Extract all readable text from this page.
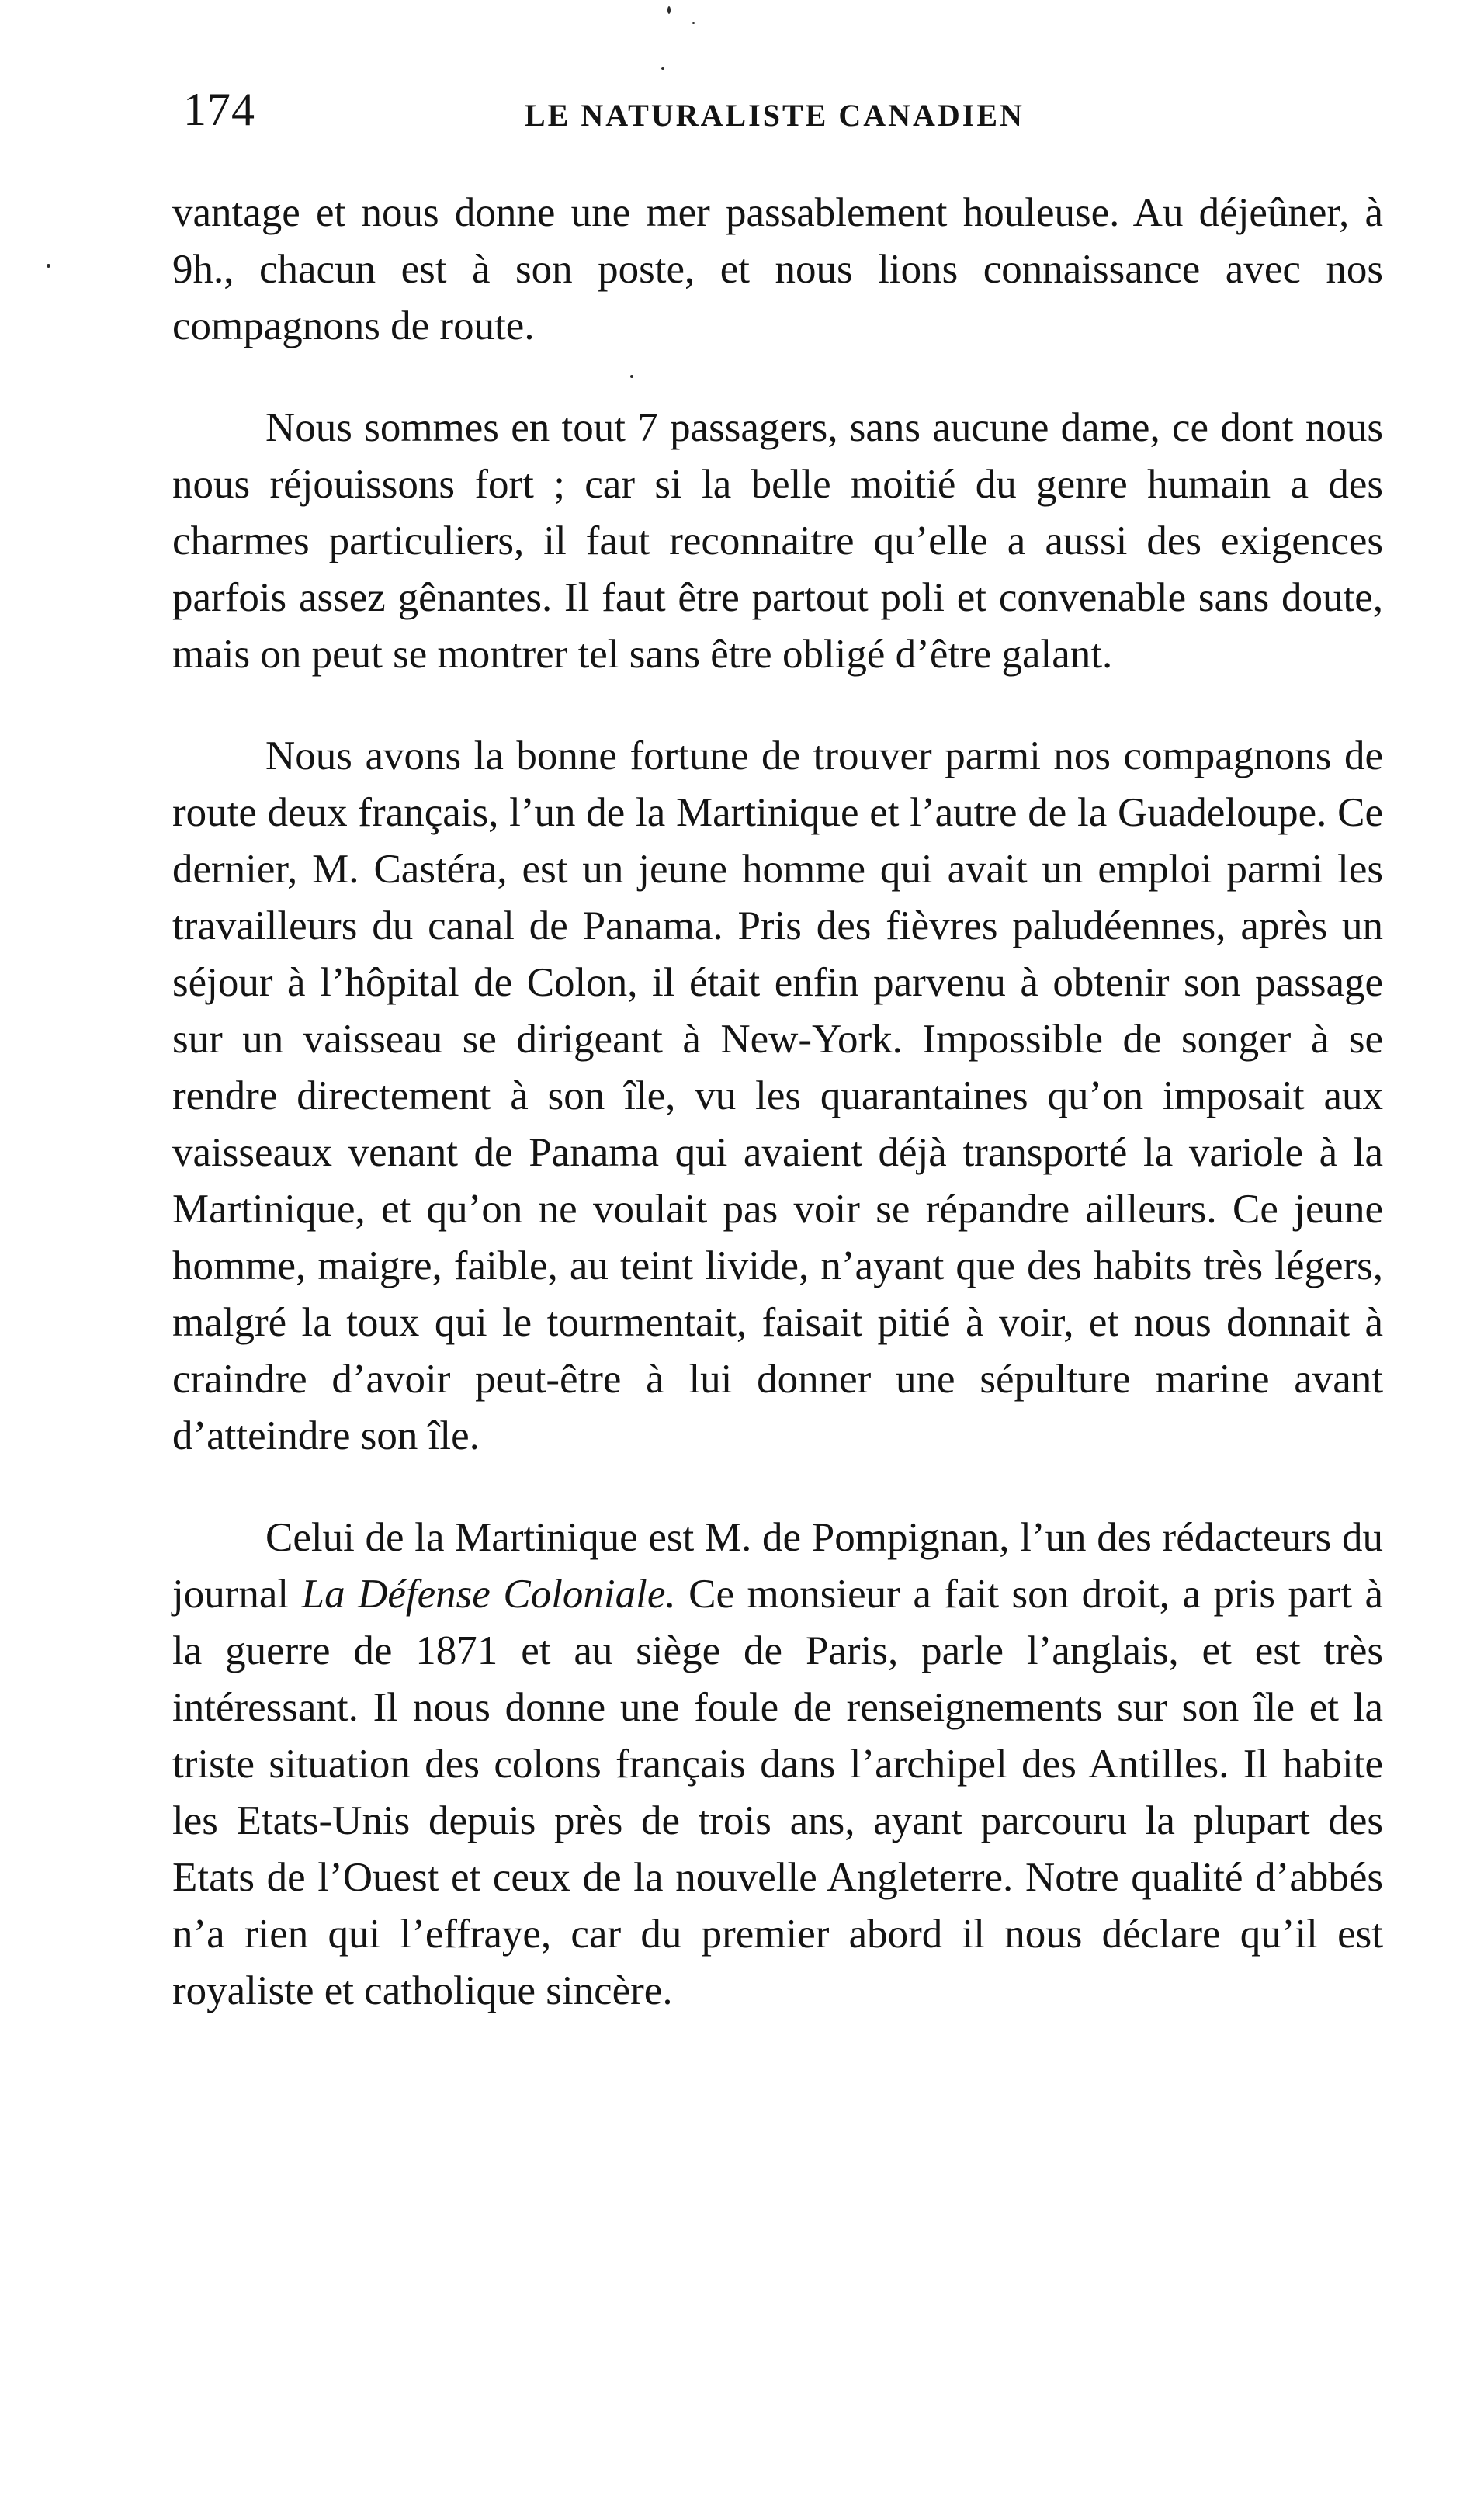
174	LE NATURALISTE CANADIEN

vantage et nous donne une mer passablement houleuse. Au déjeûner, à 9h., chacun est à son poste, et nous lions connaissance avec nos compagnons de route.

Nous sommes en tout 7 passagers, sans aucune dame, ce dont nous nous réjouissons fort ; car si la belle moitié du genre humain a des charmes particuliers, il faut reconnaitre qu’elle a aussi des exigences parfois assez gênantes. Il faut être partout poli et convenable sans doute, mais on peut se montrer tel sans être obligé d’être galant.

Nous avons la bonne fortune de trouver parmi nos compagnons de route deux français, l’un de la Martinique et l’autre de la Guadeloupe. Ce dernier, M. Castéra, est un jeune homme qui avait un emploi parmi les travailleurs du canal de Panama. Pris des fièvres paludéennes, après un séjour à l’hôpital de Colon, il était enfin parvenu à obtenir son passage sur un vaisseau se dirigeant à New-York. Impossible de songer à se rendre directement à son île, vu les quarantaines qu’on imposait aux vaisseaux venant de Panama qui avaient déjà transporté la variole à la Martinique, et qu’on ne voulait pas voir se répandre ailleurs. Ce jeune homme, maigre, faible, au teint livide, n’ayant que des habits très légers, malgré la toux qui le tourmentait, faisait pitié à voir, et nous donnait à craindre d’avoir peut-être à lui donner une sépulture marine avant d’atteindre son île.

Celui de la Martinique est M. de Pompignan, l’un des rédacteurs du journal La Défense Coloniale. Ce monsieur a fait son droit, a pris part à la guerre de 1871 et au siège de Paris, parle l’anglais, et est très intéressant. Il nous donne une foule de renseignements sur son île et la triste situation des colons français dans l’archipel des Antilles. Il habite les Etats-Unis depuis près de trois ans, ayant parcouru la plupart des Etats de l’Ouest et ceux de la nouvelle Angleterre. Notre qualité d’abbés n’a rien qui l’effraye, car du premier abord il nous déclare qu’il est royaliste et catholique sincère.
